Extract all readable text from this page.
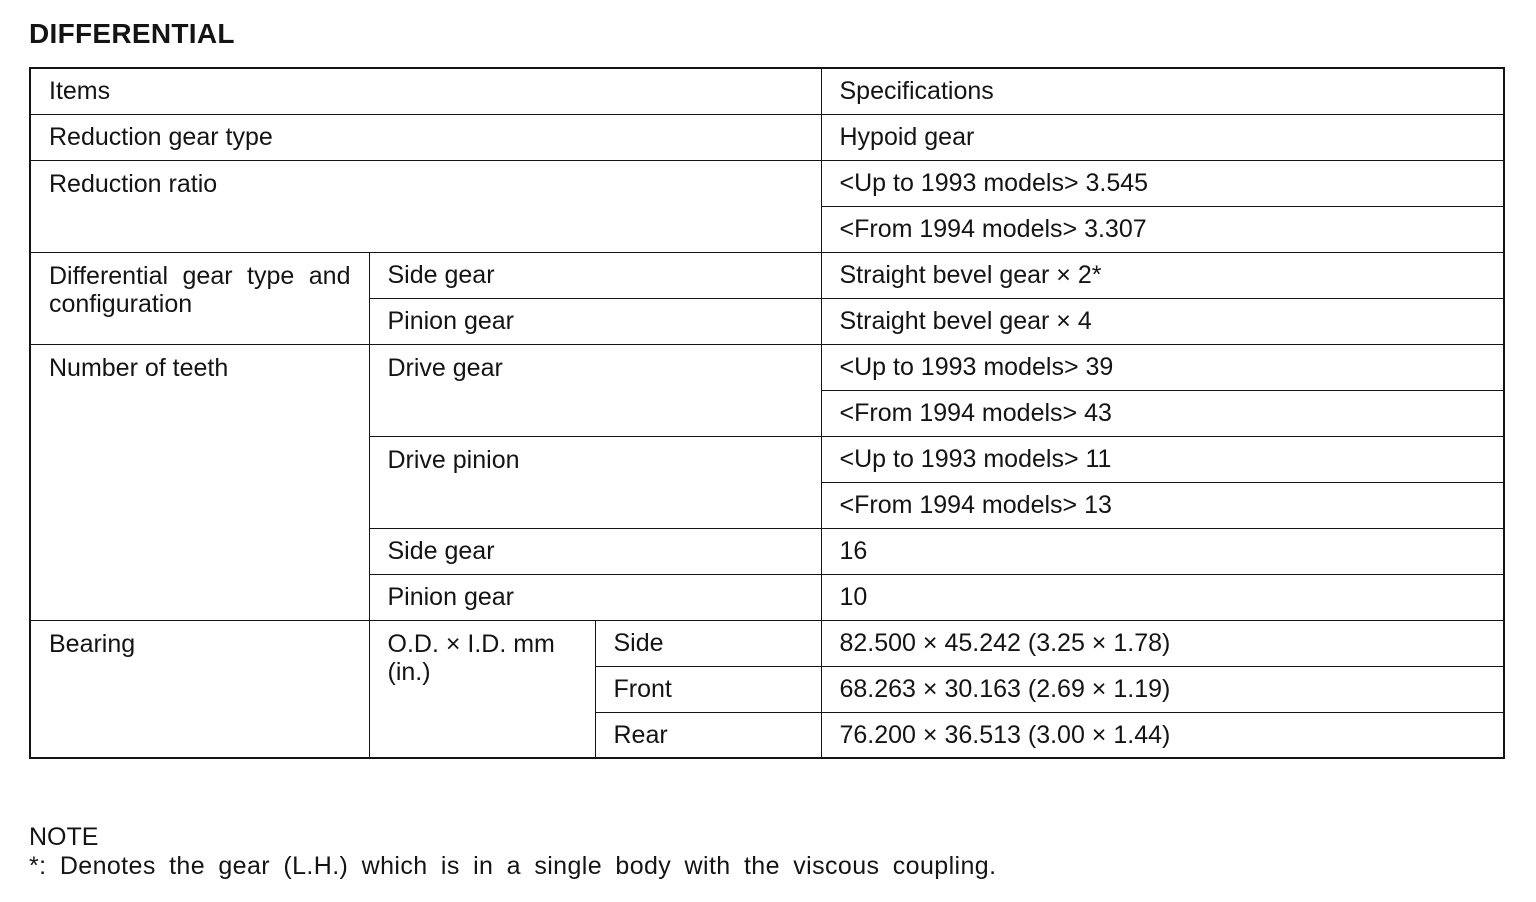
DIFFERENTIAL
Items			Specifications
Reduction gear type			Hypoid gear
Reduction ratio			<Up to 1993 models> 3.545
			<From 1994 models> 3.307
Differential gear type and configuration	Side gear		Straight bevel gear × 2*
	Pinion gear		Straight bevel gear × 4
Number of teeth	Drive gear		<Up to 1993 models> 39
			<From 1994 models> 43
	Drive pinion		<Up to 1993 models> 11
			<From 1994 models> 13
	Side gear		16
	Pinion gear		10
Bearing	O.D. × I.D. mm (in.)	Side	82.500 × 45.242 (3.25 × 1.78)
		Front	68.263 × 30.163 (2.69 × 1.19)
		Rear	76.200 × 36.513 (3.00 × 1.44)

NOTE

*: Denotes the gear (L.H.) which is in a single body with the viscous coupling.
